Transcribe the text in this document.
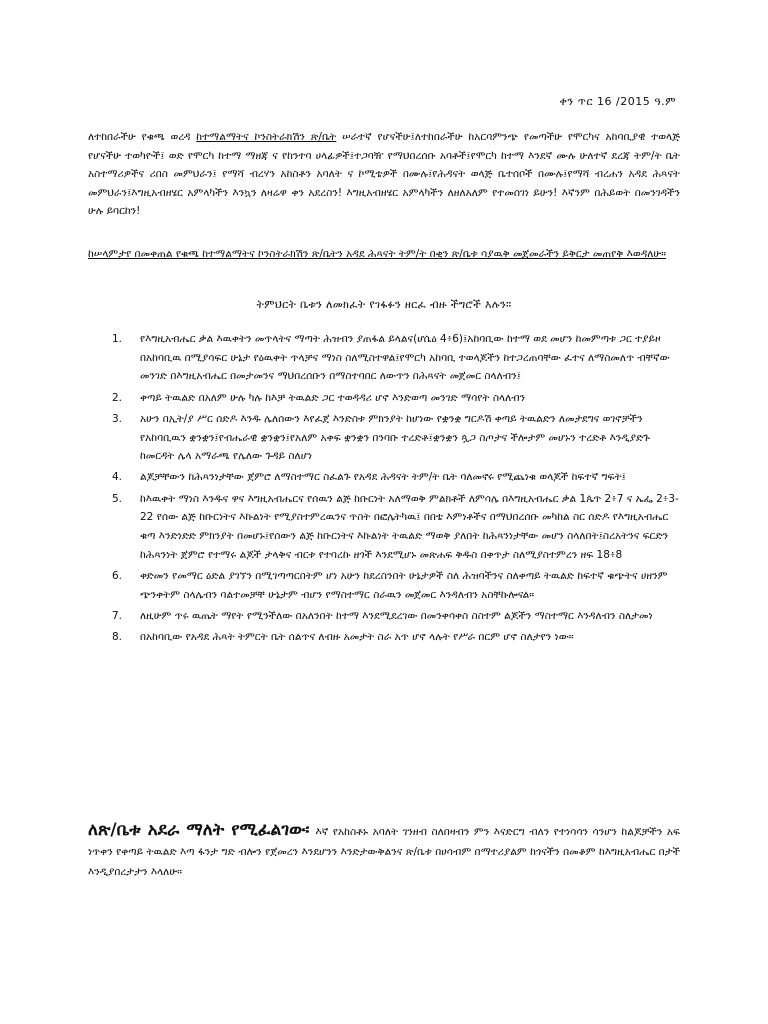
ቀን ጥር 16 /2015 ዓ.ም

ለተከበራችሁ የቁጫ ወረዳ ከተማልማትና ኮንስትራክሽን ጽ/ቤት ሠራተኛ የሆናችሁ፤ለተከበራችሁ ከአርባምንጭ የመጣችሁ የሞርካና አከባቢያዊ ተወላጅ የሆናችሁ ተወካዮች፤ ወድ የሞርካ ከተማ ማዘጃ ና የከንተባ ሀላፊዎች፤ተጋባዥ የማህበረሰቡ አባቶች፤የሞርካ ከተማ እንደኛ ሙሉ ሁለተኛ ደረጃ ትም/ት ቤት አስተማሪዎችና ሪበስ መምህራን፤ የማሻ ብረሃን አከስቶን አባለት ና ኮሚቴዎች በሙሉ፤የሕዳናት ወላጅ ቤተሰቦች በሙሉ፤የማሻ ብረሐን አዳደ ሕጻናት መምህራን፤እግዚአብዘሄር አምላካችን እንኳን ለዛሬዋ ቀን አደረስን! እግዚአብዘሄር አምላካችን ለዘለአለም የተመሰገነ ይሁን! እኛንም በሕይወት በመንገዳችን ሁሉ ይባርከን!

ከሠላምታየ በመቀጠል የቁጫ ከተማልማትና ኮንስትራክሽን ጽ/ቤትን አዳደ ሕጻናት ትም/ት በቂን ጽ/ቤቱ ሳያዉቅ መጀመራችን ይቅርታ መጠየቅ እወዳለሁ።

ትምህርት ቤቱን ለመክፈት የገፋፉን ዘርፈ ብዙ ችግሮች እሉን።
1. የእግዚአብሔር ቃል እዉቀትን መጥላትና ማጣት ሕዝብን ያጠፋል ይላልና(ሆሴዕ 4፥6)፤አከባቢው ከተማ ወደ መሆን ከመምጣቱ ጋር ተያይዞ በአከባቢዉ በሚያሳፍር ሁኔታ የዕዉቀት ጥላቻና ማነስ ስለሚስተዋል፤የሞርካ አከባቢ ተወላጆችን ከተጋረጠባቸው ፈተና ለማስመለጥ ብቸኛው መንገድ በእግዚአብሔር በመታመንና ማህበረሰቡን በማስተባበር ለውጥን በሕጻናት መጀመር ስላለብን፤
2. ቀጣይ ትዉልድ በአለም ሁሉ ካሉ ከእቻ ትዉልድ ጋር ተወዳዳሪ ሆኖ እንድወጣ መንገድ ማሳየት ስላለብን
3. አሁን በኢት/ያ ሥር ሰድዶ እንዱ ሌለሰውን እየፈጀ እንድስቱ ምክንያት ከሆነው የቋንቋ ግርዶሽ ቀጣይ ትዉልድን ለመታደግና ወገኖቻችን የአከባቢዉን ቋንቋን፤የብሔራዊ ቋንቋን፤የአለም አቀፍ ቋንቋን በንባቡ ተረድቶ፤ቋንቋን ጷጋ ስጦታና ችሎታም መሆኑን ተረድቶ እንዲያድጉ ከመርዳት ሌላ አማራጫ የሌለው ጉዳይ ስለሆነ
4. ልጆቻቸውን ከሕጻንነታቸው ጀምሮ ለማስተማር ስፈልጉ የአዳደ ሕዳናት ትም/ት ቤት ባለመኖሩ የሚጨነቁ ወላጆች ከፍተኛ ግፍት፤
5. ከእዉቀት ማነስ እንዱና ዋና እግዚአብሔርና የሰዉን ልጅ ከቡርነት አለማወቅ ምልክቶች ለምሳሌ በእግዚአብሔር ቃል 1ጴጥ 2፥7 ና ኤፌ 2፥3-22 የሰው ልጅ ከቡርነትና እኩልነት የሚያስተምረዉንና ጥስት በፎሌትካዉ፤ በበቴ እምነቶችና በማህበረሰቡ መካከል ስር ሰድዶ የእግዚአብሔር ቁጣ እንድነድድ ምክንያት በመሆኑ፤የሰውን ልጅ ከቡርነትና እኩልነት ትዉልድ ማወቅ ያለበት ከሕጻንነታቸው መሆን ስላለበት፤ስረአትንና ፍርድን ከሕጻንነት ጀምሮ የተማሩ ልጆች ታላቅና ብርቱ የተባረኩ ዘጎች እንደሚሆኑ መጽሐፍ ቅዱስ በቀጥታ ስለሚያስተምረን ዘፍ 18፥8
6. ቀድመን የመማር ዕድል ያገኘን በሚገጣጣርበትም ሆነ አሁን ከደረስንበት ሁኔታዎች ስለ ሕዝባችንና ስለቀጣይ ትዉልድ ከፍተኛ ቁጭትና ሀዘንም ጭንቀትም ስላሌብን ባልተመቻቸ ሁኔታም ብሆን የማስተማር ስራዉን መጀመር እንዳለብን አስቸኩሎናል።
7. ለዚሁም ጥሩ ዉጤት ማየት የሚንችለው በአለንበት ከተማ እንደሚደረገው በመንቀሳቀስ ስስተም ልጆችን ማስተማር እንዳለብን ስለታመነ
8. በአከባቢው የአዳደ ሕጻት ትምርት ቤት ሰልጥና ለብዙ አመታት ስራ አጥ ሆኖ ላሉት የሥራ በርም ሆኖ ስለታየን ነው።

ለጽ/ቤቱ አደራ ማለት የሚፈልገው፡ እኛ የአከስቶኑ አባለት ገንዘብ ስለበዛብን ምን እናድርግ ብለን የተነሳሳን ሳንሆን ከልጆቻችን አፍ ነጥቀን የቀጣይ ትዉልድ እጣ ፋንታ ግድ ብሎን የጀመረን እንደሆንን እንድታውቅልንና ጽ/ቤቱ በሀሳብም በማተሪያልም ከጎናችን በመቆም ከእግዚአብሔር በታች እንዲያበረታታን እላለሁ።
